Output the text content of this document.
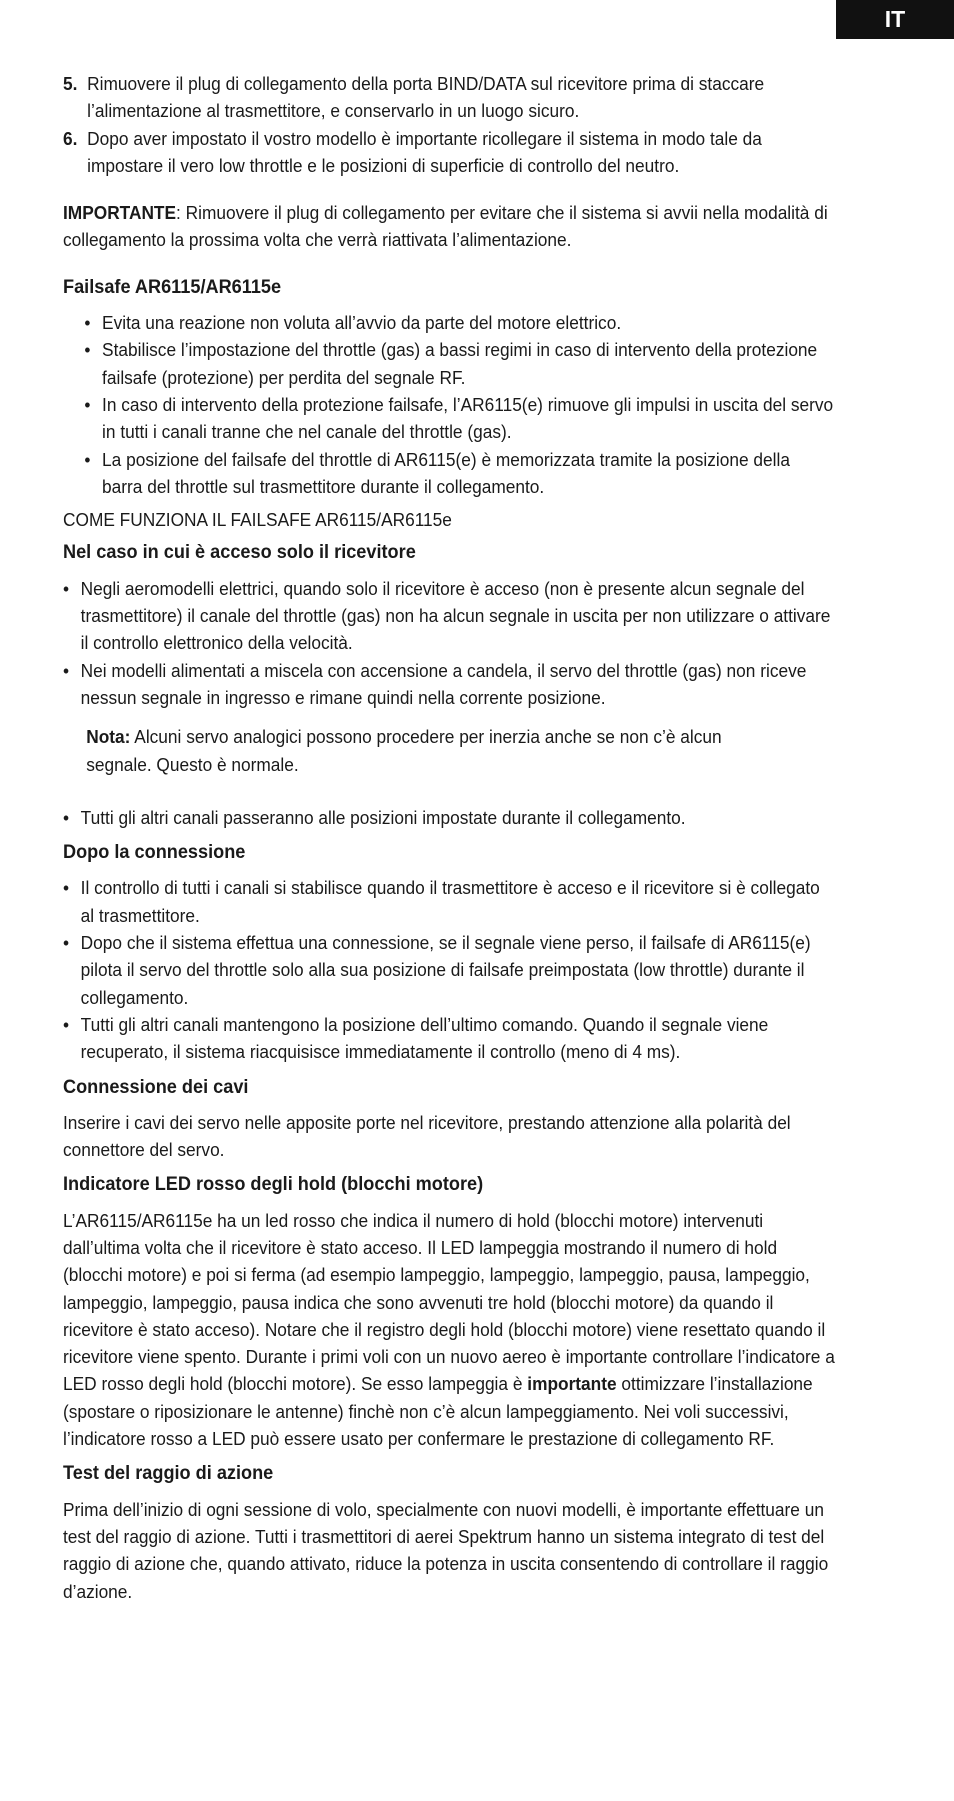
IT

5. Rimuovere il plug di collegamento della porta BIND/DATA sul ricevitore prima di staccare l’alimentazione al trasmettitore, e conservarlo in un luogo sicuro.

6. Dopo aver impostato il vostro modello è importante ricollegare il sistema in modo tale da impostare il vero low throttle e le posizioni di superficie di controllo del neutro.

IMPORTANTE: Rimuovere il plug di collegamento per evitare che il sistema si avvii nella modalità di collegamento la prossima volta che verrà riattivata l’alimentazione.

Failsafe AR6115/AR6115e

• Evita una reazione non voluta all’avvio da parte del motore elettrico.
• Stabilisce l’impostazione del throttle (gas) a bassi regimi in caso di intervento della protezione failsafe (protezione) per perdita del segnale RF.
• In caso di intervento della protezione failsafe, l’AR6115(e) rimuove gli impulsi in uscita del servo in tutti i canali tranne che nel canale del throttle (gas).
• La posizione del failsafe del throttle di AR6115(e) è memorizzata tramite la posizione della barra del throttle sul trasmettitore durante il collegamento.

COME FUNZIONA IL FAILSAFE AR6115/AR6115e

Nel caso in cui è acceso solo il ricevitore

• Negli aeromodelli elettrici, quando solo il ricevitore è acceso (non è presente alcun segnale del trasmettitore) il canale del throttle (gas) non ha alcun segnale in uscita per non utilizzare o attivare il controllo elettronico della velocità.
• Nei modelli alimentati a miscela con accensione a candela, il servo del throttle (gas) non riceve nessun segnale in ingresso e rimane quindi nella corrente posizione.

Nota: Alcuni servo analogici possono procedere per inerzia anche se non c’è alcun segnale. Questo è normale.

• Tutti gli altri canali passeranno alle posizioni impostate durante il collegamento.

Dopo la connessione

• Il controllo di tutti i canali si stabilisce quando il trasmettitore è acceso e il ricevitore si è collegato al trasmettitore.
• Dopo che il sistema effettua una connessione, se il segnale viene perso, il failsafe di AR6115(e) pilota il servo del throttle solo alla sua posizione di failsafe preimpostata (low throttle) durante il collegamento.
• Tutti gli altri canali mantengono la posizione dell’ultimo comando. Quando il segnale viene recuperato, il sistema riacquisisce immediatamente il controllo (meno di 4 ms).

Connessione dei cavi

Inserire i cavi dei servo nelle apposite porte nel ricevitore, prestando attenzione alla polarità del connettore del servo.

Indicatore LED rosso degli hold (blocchi motore)

L’AR6115/AR6115e ha un led rosso che indica il numero di hold (blocchi motore) intervenuti dall’ultima volta che il ricevitore è stato acceso. Il LED lampeggia mostrando il numero di hold (blocchi motore) e poi si ferma (ad esempio lampeggio, lampeggio, lampeggio, pausa, lampeggio, lampeggio, lampeggio, pausa indica che sono avvenuti tre hold (blocchi motore) da quando il ricevitore è stato acceso). Notare che il registro degli hold (blocchi motore) viene resettato quando il ricevitore viene spento. Durante i primi voli con un nuovo aereo è importante controllare l’indicatore a LED rosso degli hold (blocchi motore). Se esso lampeggia è importante ottimizzare l’installazione (spostare o riposizionare le antenne) finchè non c’è alcun lampeggiamento. Nei voli successivi, l’indicatore rosso a LED può essere usato per confermare le prestazione di collegamento RF.

Test del raggio di azione

Prima dell’inizio di ogni sessione di volo, specialmente con nuovi modelli, è importante effettuare un test del raggio di azione. Tutti i trasmettitori di aerei Spektrum hanno un sistema integrato di test del raggio di azione che, quando attivato, riduce la potenza in uscita consentendo di controllare il raggio d’azione.
